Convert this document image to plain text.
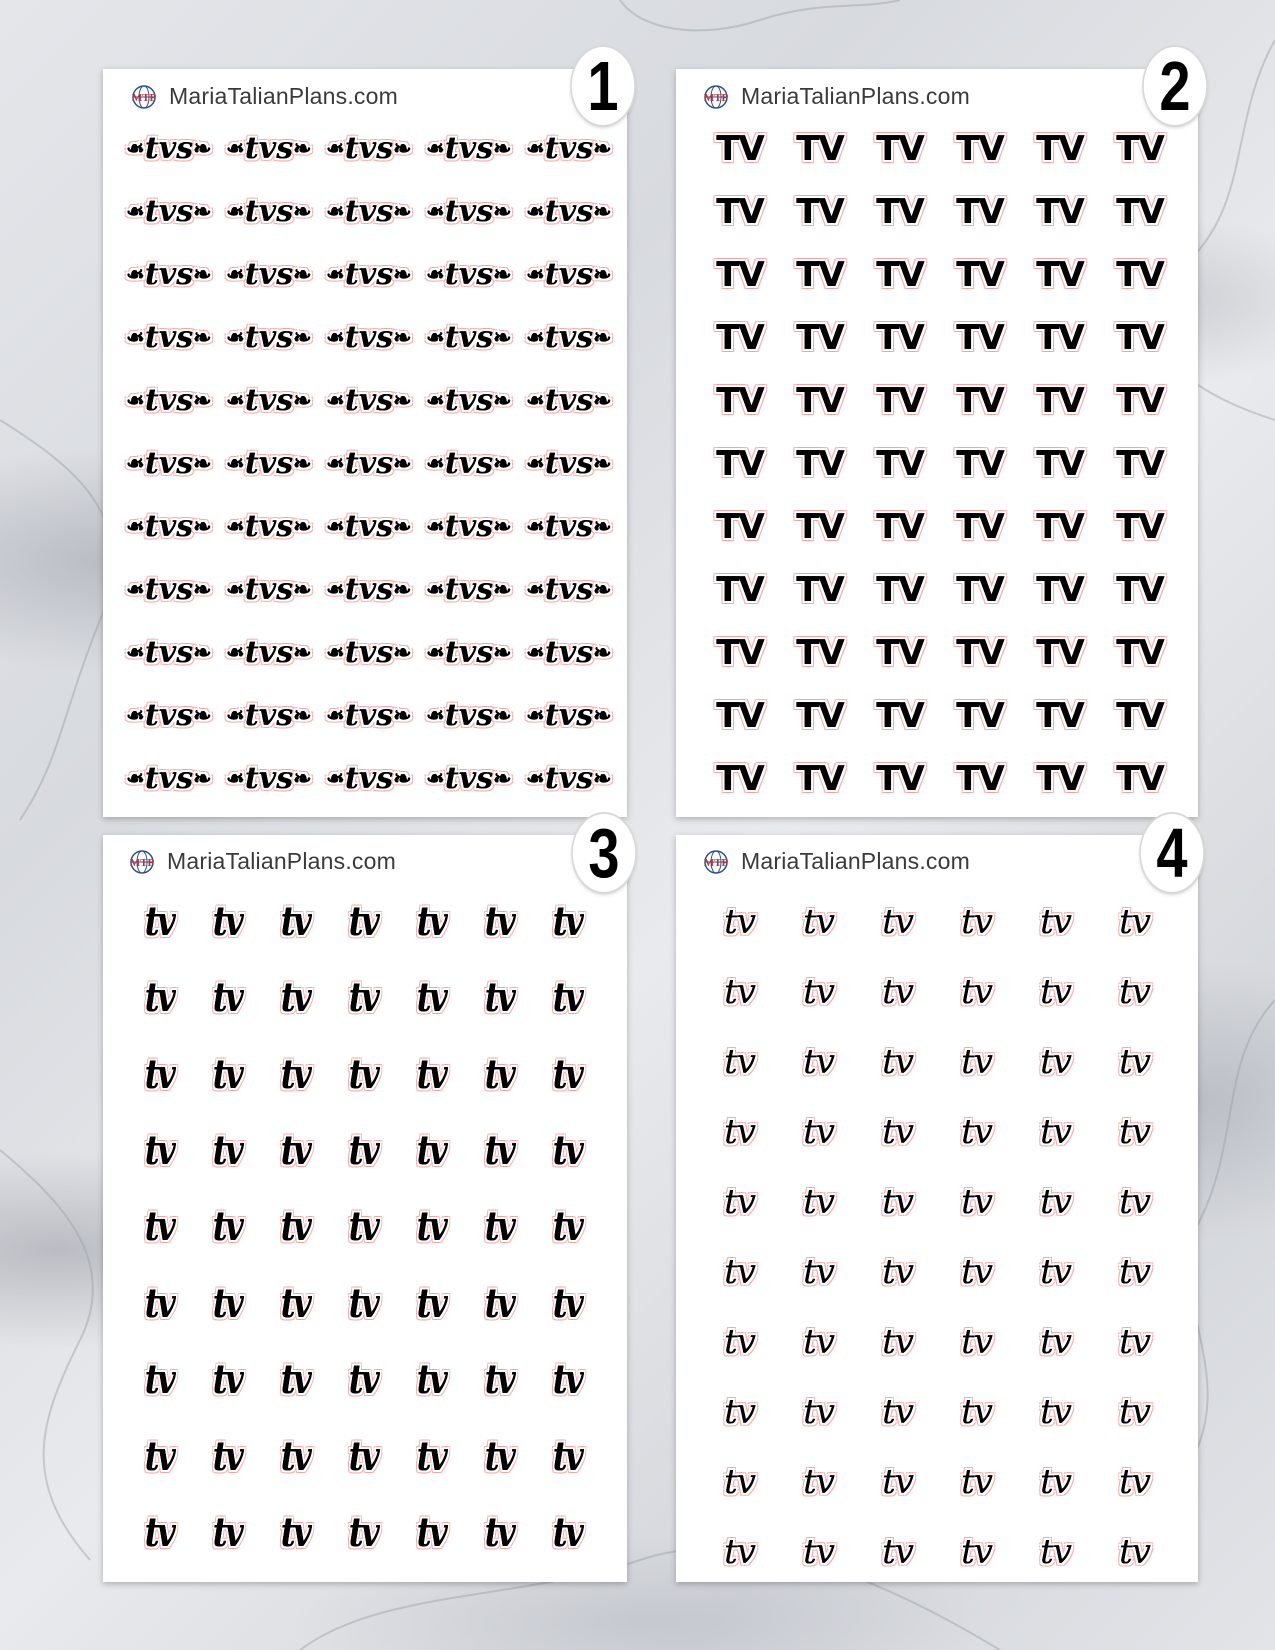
MTP MariaTalianPlans.com
❧ tvs ❧ ❧ tvs ❧ ❧ tvs ❧ ❧ tvs ❧ ❧ tvs ❧
❧ tvs ❧ ❧ tvs ❧ ❧ tvs ❧ ❧ tvs ❧ ❧ tvs ❧
❧ tvs ❧ ❧ tvs ❧ ❧ tvs ❧ ❧ tvs ❧ ❧ tvs ❧
❧ tvs ❧ ❧ tvs ❧ ❧ tvs ❧ ❧ tvs ❧ ❧ tvs ❧
❧ tvs ❧ ❧ tvs ❧ ❧ tvs ❧ ❧ tvs ❧ ❧ tvs ❧
❧ tvs ❧ ❧ tvs ❧ ❧ tvs ❧ ❧ tvs ❧ ❧ tvs ❧
❧ tvs ❧ ❧ tvs ❧ ❧ tvs ❧ ❧ tvs ❧ ❧ tvs ❧
❧ tvs ❧ ❧ tvs ❧ ❧ tvs ❧ ❧ tvs ❧ ❧ tvs ❧
❧ tvs ❧ ❧ tvs ❧ ❧ tvs ❧ ❧ tvs ❧ ❧ tvs ❧
❧ tvs ❧ ❧ tvs ❧ ❧ tvs ❧ ❧ tvs ❧ ❧ tvs ❧
❧ tvs ❧ ❧ tvs ❧ ❧ tvs ❧ ❧ tvs ❧ ❧ tvs ❧
1	MTP MariaTalianPlans.com
TV TV TV TV TV TV
TV TV TV TV TV TV
TV TV TV TV TV TV
TV TV TV TV TV TV
TV TV TV TV TV TV
TV TV TV TV TV TV
TV TV TV TV TV TV
TV TV TV TV TV TV
TV TV TV TV TV TV
TV TV TV TV TV TV
TV TV TV TV TV TV
2
MTP MariaTalianPlans.com
tv tv tv tv tv tv tv
tv tv tv tv tv tv tv
tv tv tv tv tv tv tv
tv tv tv tv tv tv tv
tv tv tv tv tv tv tv
tv tv tv tv tv tv tv
tv tv tv tv tv tv tv
tv tv tv tv tv tv tv
tv tv tv tv tv tv tv
3	MTP MariaTalianPlans.com
tv	tv	tv	tv	tv	tv
tv	tv	tv	tv	tv	tv
tv	tv	tv	tv	tv	tv
tv	tv	tv	tv	tv	tv
tv	tv	tv	tv	tv	tv
tv	tv	tv	tv	tv	tv
tv	tv	tv	tv	tv	tv
tv	tv	tv	tv	tv	tv
tv	tv	tv	tv	tv	tv
tv	tv	tv	tv	tv	tv
4
